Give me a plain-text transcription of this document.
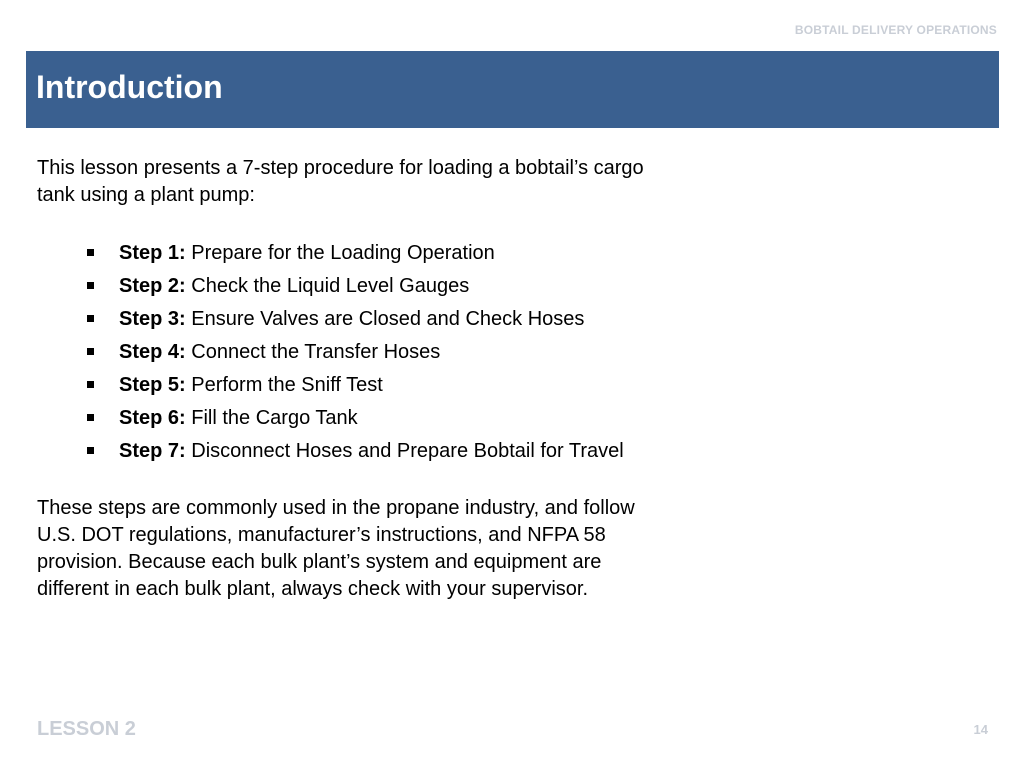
BOBTAIL DELIVERY OPERATIONS
Introduction

This lesson presents a 7-step procedure for loading a bobtail’s cargo tank using a plant pump:

Step 1: Prepare for the Loading Operation
Step 2: Check the Liquid Level Gauges
Step 3: Ensure Valves are Closed and Check Hoses
Step 4: Connect the Transfer Hoses
Step 5: Perform the Sniff Test
Step 6: Fill the Cargo Tank
Step 7: Disconnect Hoses and Prepare Bobtail for Travel

These steps are commonly used in the propane industry, and follow U.S. DOT regulations, manufacturer’s instructions, and NFPA 58 provision. Because each bulk plant’s system and equipment are different in each bulk plant, always check with your supervisor.

LESSON 2	14
